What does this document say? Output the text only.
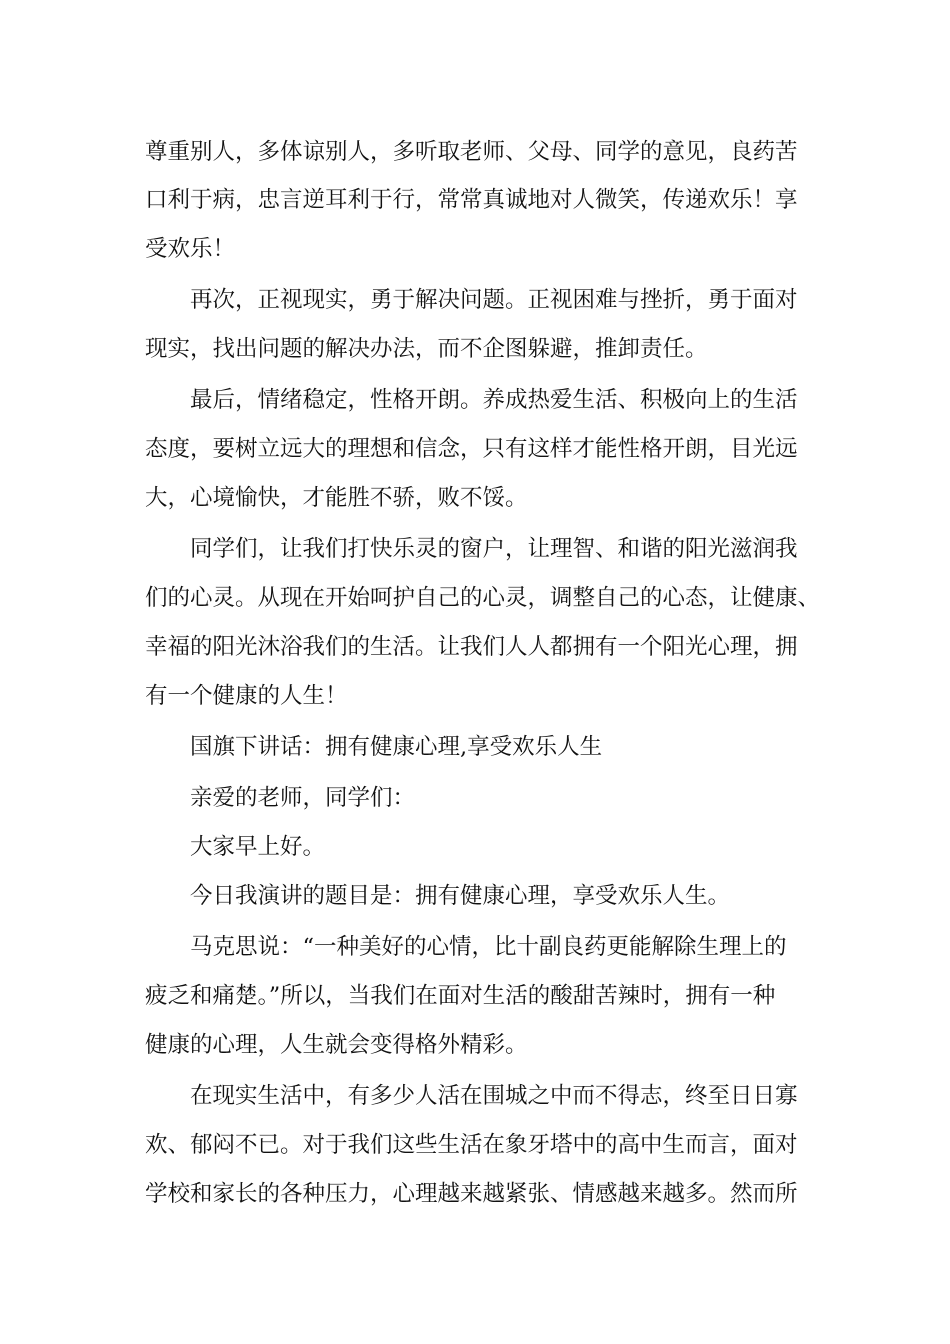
尊重别人，多体谅别人，多听取老师、父母、同学的意见，良药苦

口利于病，忠言逆耳利于行，常常真诚地对人微笑，传递欢乐！享

受欢乐！

再次，正视现实，勇于解决问题。正视困难与挫折，勇于面对

现实，找出问题的解决办法，而不企图躲避，推卸责任。

最后，情绪稳定，性格开朗。养成热爱生活、积极向上的生活

态度，要树立远大的理想和信念，只有这样才能性格开朗，目光远

大，心境愉快，才能胜不骄，败不馁。

同学们，让我们打快乐灵的窗户，让理智、和谐的阳光滋润我

们的心灵。从现在开始呵护自己的心灵，调整自己的心态，让健康、

幸福的阳光沐浴我们的生活。让我们人人都拥有一个阳光心理，拥

有一个健康的人生！

国旗下讲话：拥有健康心理,享受欢乐人生

亲爱的老师，同学们：

大家早上好。

今日我演讲的题目是：拥有健康心理，享受欢乐人生。

马克思说：“一种美好的心情，比十副良药更能解除生理上的

疲乏和痛楚。”所以，当我们在面对生活的酸甜苦辣时，拥有一种

健康的心理，人生就会变得格外精彩。

在现实生活中，有多少人活在围城之中而不得志，终至日日寡

欢、郁闷不已。对于我们这些生活在象牙塔中的高中生而言，面对

学校和家长的各种压力，心理越来越紧张、情感越来越多。然而所
